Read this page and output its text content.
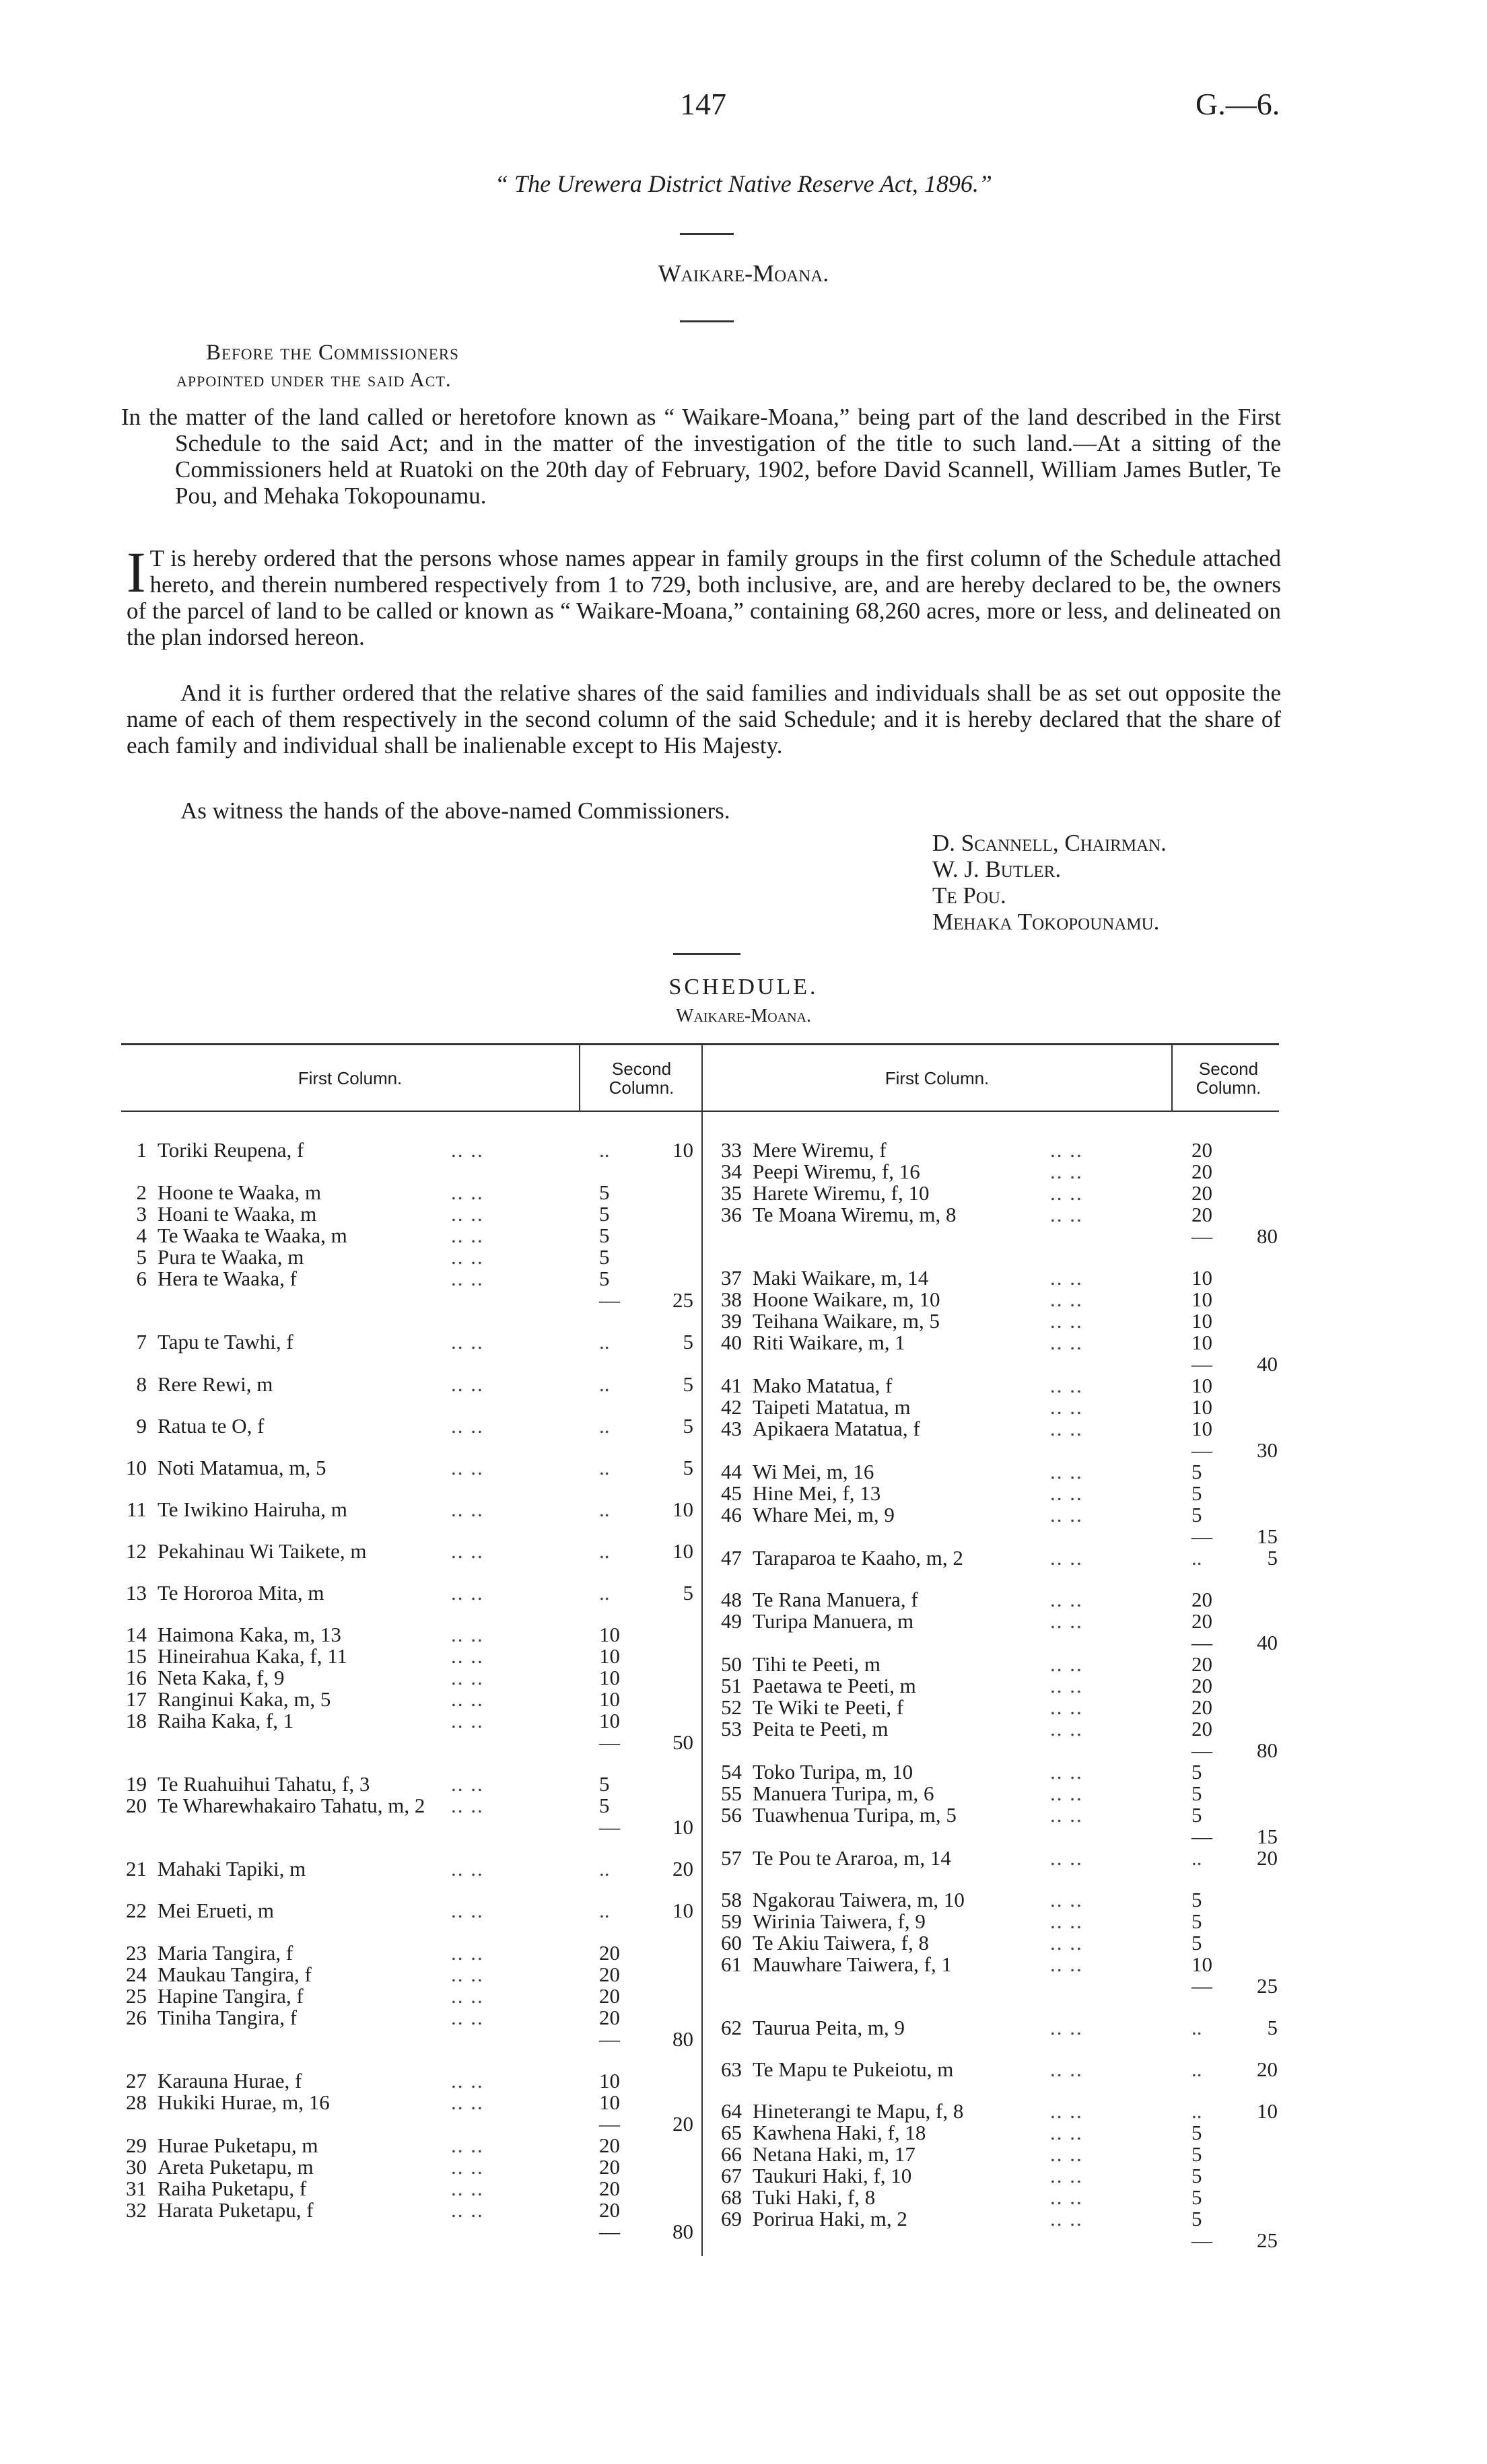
147	G.—6.
“ The Urewera District Native Reserve Act, 1896.”
Waikare-Moana.
Before the Commissioners
appointed under the said Act.

In the matter of the land called or heretofore known as “ Waikare-Moana,” being part of the land described in the First Schedule to the said Act; and in the matter of the investigation of the title to such land.—At a sitting of the Commissioners held at Ruatoki on the 20th day of February, 1902, before David Scannell, William James Butler, Te Pou, and Mehaka Tokopounamu.

I T is hereby ordered that the persons whose names appear in family groups in the first column of the Schedule attached hereto, and therein numbered respectively from 1 to 729, both inclusive, are, and are hereby declared to be, the owners of the parcel of land to be called or known as “ Waikare-Moana,” containing 68,260 acres, more or less, and delineated on the plan indorsed hereon.

And it is further ordered that the relative shares of the said families and individuals shall be as set out opposite the name of each of them respectively in the second column of the said Schedule; and it is hereby declared that the share of each family and individual shall be inalienable except to His Majesty.

As witness the hands of the above-named Commissioners.
D. Scannell, Chairman.
W. J. Butler.
Te Pou.
Mehaka Tokopounamu.
SCHEDULE.
Waikare-Moana.
First Column.	Second Column.	First Column.	Second Column.
1 Toriki Reupena, f	.. ..	..	10
2 Hoone te Waaka, m	.. ..	5
3 Hoani te Waaka, m	.. ..	5
4 Te Waaka te Waaka, m	.. ..	5
5 Pura te Waaka, m	.. ..	5
6 Hera te Waaka, f	.. ..	5
—	25
7 Tapu te Tawhi, f	.. ..	..	5
8 Rere Rewi, m	.. ..	..	5
9 Ratua te O, f	.. ..	..	5
10 Noti Matamua, m, 5	.. ..	..	5
11 Te Iwikino Hairuha, m	.. ..	..	10
12 Pekahinau Wi Taikete, m	.. ..	..	10
13 Te Hororoa Mita, m	.. ..	..	5
14 Haimona Kaka, m, 13	.. ..	10
15 Hineirahua Kaka, f, 11	.. ..	10
16 Neta Kaka, f, 9	.. ..	10
17 Ranginui Kaka, m, 5	.. ..	10
18 Raiha Kaka, f, 1	.. ..	10
—	50
19 Te Ruahuihui Tahatu, f, 3	.. ..	5
20 Te Wharewhakairo Tahatu, m, 2 .. ..	5
—	10
21 Mahaki Tapiki, m	.. ..	..	20
22 Mei Erueti, m	.. ..	..	10
23 Maria Tangira, f	.. ..	20
24 Maukau Tangira, f	.. ..	20
25 Hapine Tangira, f	.. ..	20
26 Tiniha Tangira, f	.. ..	20
—	80
27 Karauna Hurae, f	.. ..	10
28 Hukiki Hurae, m, 16	.. ..	10
—	20
29 Hurae Puketapu, m	.. ..	20
30 Areta Puketapu, m	.. ..	20
31 Raiha Puketapu, f	.. ..	20
32 Harata Puketapu, f	.. ..	20
—	80
33 Mere Wiremu, f	.. ..	20
34 Peepi Wiremu, f, 16	.. ..	20
35 Harete Wiremu, f, 10	.. ..	20
36 Te Moana Wiremu, m, 8	.. ..	20
— 80
37 Maki Waikare, m, 14	.. ..	10
38 Hoone Waikare, m, 10	.. ..	10
39 Teihana Waikare, m, 5	.. ..	10
40 Riti Waikare, m, 1	.. ..	10
— 40
41 Mako Matatua, f	.. ..	10
42 Taipeti Matatua, m	.. ..	10
43 Apikaera Matatua, f	.. ..	10
— 30
44 Wi Mei, m, 16	.. ..	5
45 Hine Mei, f, 13	.. ..	5
46 Whare Mei, m, 9	.. ..	5
— 15
47 Taraparoa te Kaaho, m, 2	.. ..	..	5
48 Te Rana Manuera, f	.. ..	20
49 Turipa Manuera, m	.. ..	20
— 40
50 Tihi te Peeti, m	.. ..	20
51 Paetawa te Peeti, m	.. ..	20
52 Te Wiki te Peeti, f	.. ..	20
53 Peita te Peeti, m	.. ..	20
— 80
54 Toko Turipa, m, 10	.. ..	5
55 Manuera Turipa, m, 6	.. ..	5
56 Tuawhenua Turipa, m, 5	.. ..	5
— 15
57 Te Pou te Araroa, m, 14	.. ..	..	20
58 Ngakorau Taiwera, m, 10	.. ..	5
59 Wirinia Taiwera, f, 9	.. ..	5
60 Te Akiu Taiwera, f, 8	.. ..	5
61 Mauwhare Taiwera, f, 1	.. ..	10
— 25
62 Taurua Peita, m, 9	.. ..	..	5
63 Te Mapu te Pukeiotu, m	.. ..	..	20
64 Hineterangi te Mapu, f, 8	.. ..	..	10
65 Kawhena Haki, f, 18	.. ..	5
66 Netana Haki, m, 17	.. ..	5
67 Taukuri Haki, f, 10	.. ..	5
68 Tuki Haki, f, 8	.. ..	5
69 Porirua Haki, m, 2	.. ..	5
— 25
